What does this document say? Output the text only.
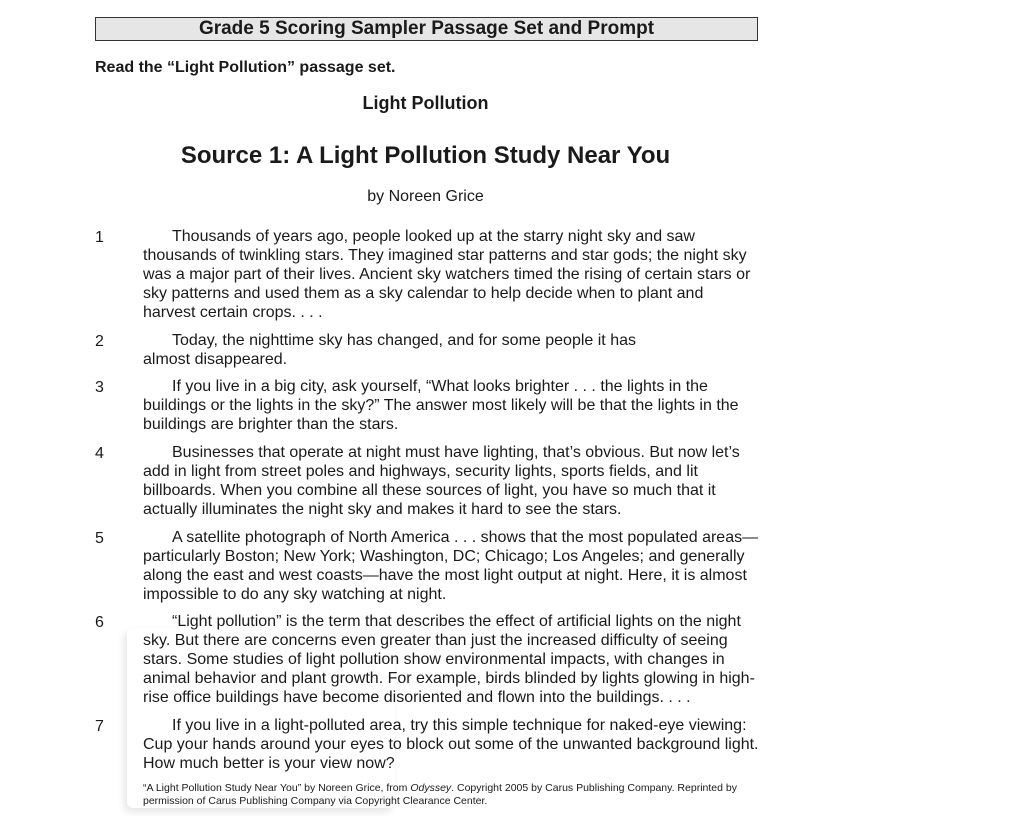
Grade 5 Scoring Sampler Passage Set and Prompt
Read the “Light Pollution” passage set.
Light Pollution
Source 1: A Light Pollution Study Near You
by Noreen Grice
1	Thousands of years ago, people looked up at the starry night sky and saw thousands of twinkling stars. They imagined star patterns and star gods; the night sky was a major part of their lives. Ancient sky watchers timed the rising of certain stars or sky patterns and used them as a sky calendar to help decide when to plant and harvest certain crops. . . .
2	Today, the nighttime sky has changed, and for some people it has almost disappeared.
3	If you live in a big city, ask yourself, “What looks brighter . . . the lights in the buildings or the lights in the sky?” The answer most likely will be that the lights in the buildings are brighter than the stars.
4	Businesses that operate at night must have lighting, that’s obvious. But now let’s add in light from street poles and highways, security lights, sports fields, and lit billboards. When you combine all these sources of light, you have so much that it actually illuminates the night sky and makes it hard to see the stars.
5	A satellite photograph of North America . . . shows that the most populated areas—particularly Boston; New York; Washington, DC; Chicago; Los Angeles; and generally along the east and west coasts—have the most light output at night. Here, it is almost impossible to do any sky watching at night.
6	“Light pollution” is the term that describes the effect of artificial lights on the night sky. But there are concerns even greater than just the increased difficulty of seeing stars. Some studies of light pollution show environmental impacts, with changes in animal behavior and plant growth. For example, birds blinded by lights glowing in high-rise office buildings have become disoriented and flown into the buildings. . . .
7	If you live in a light-polluted area, try this simple technique for naked-eye viewing: Cup your hands around your eyes to block out some of the unwanted background light. How much better is your view now?
“A Light Pollution Study Near You” by Noreen Grice, from Odyssey. Copyright 2005 by Carus Publishing Company. Reprinted by permission of Carus Publishing Company via Copyright Clearance Center.
